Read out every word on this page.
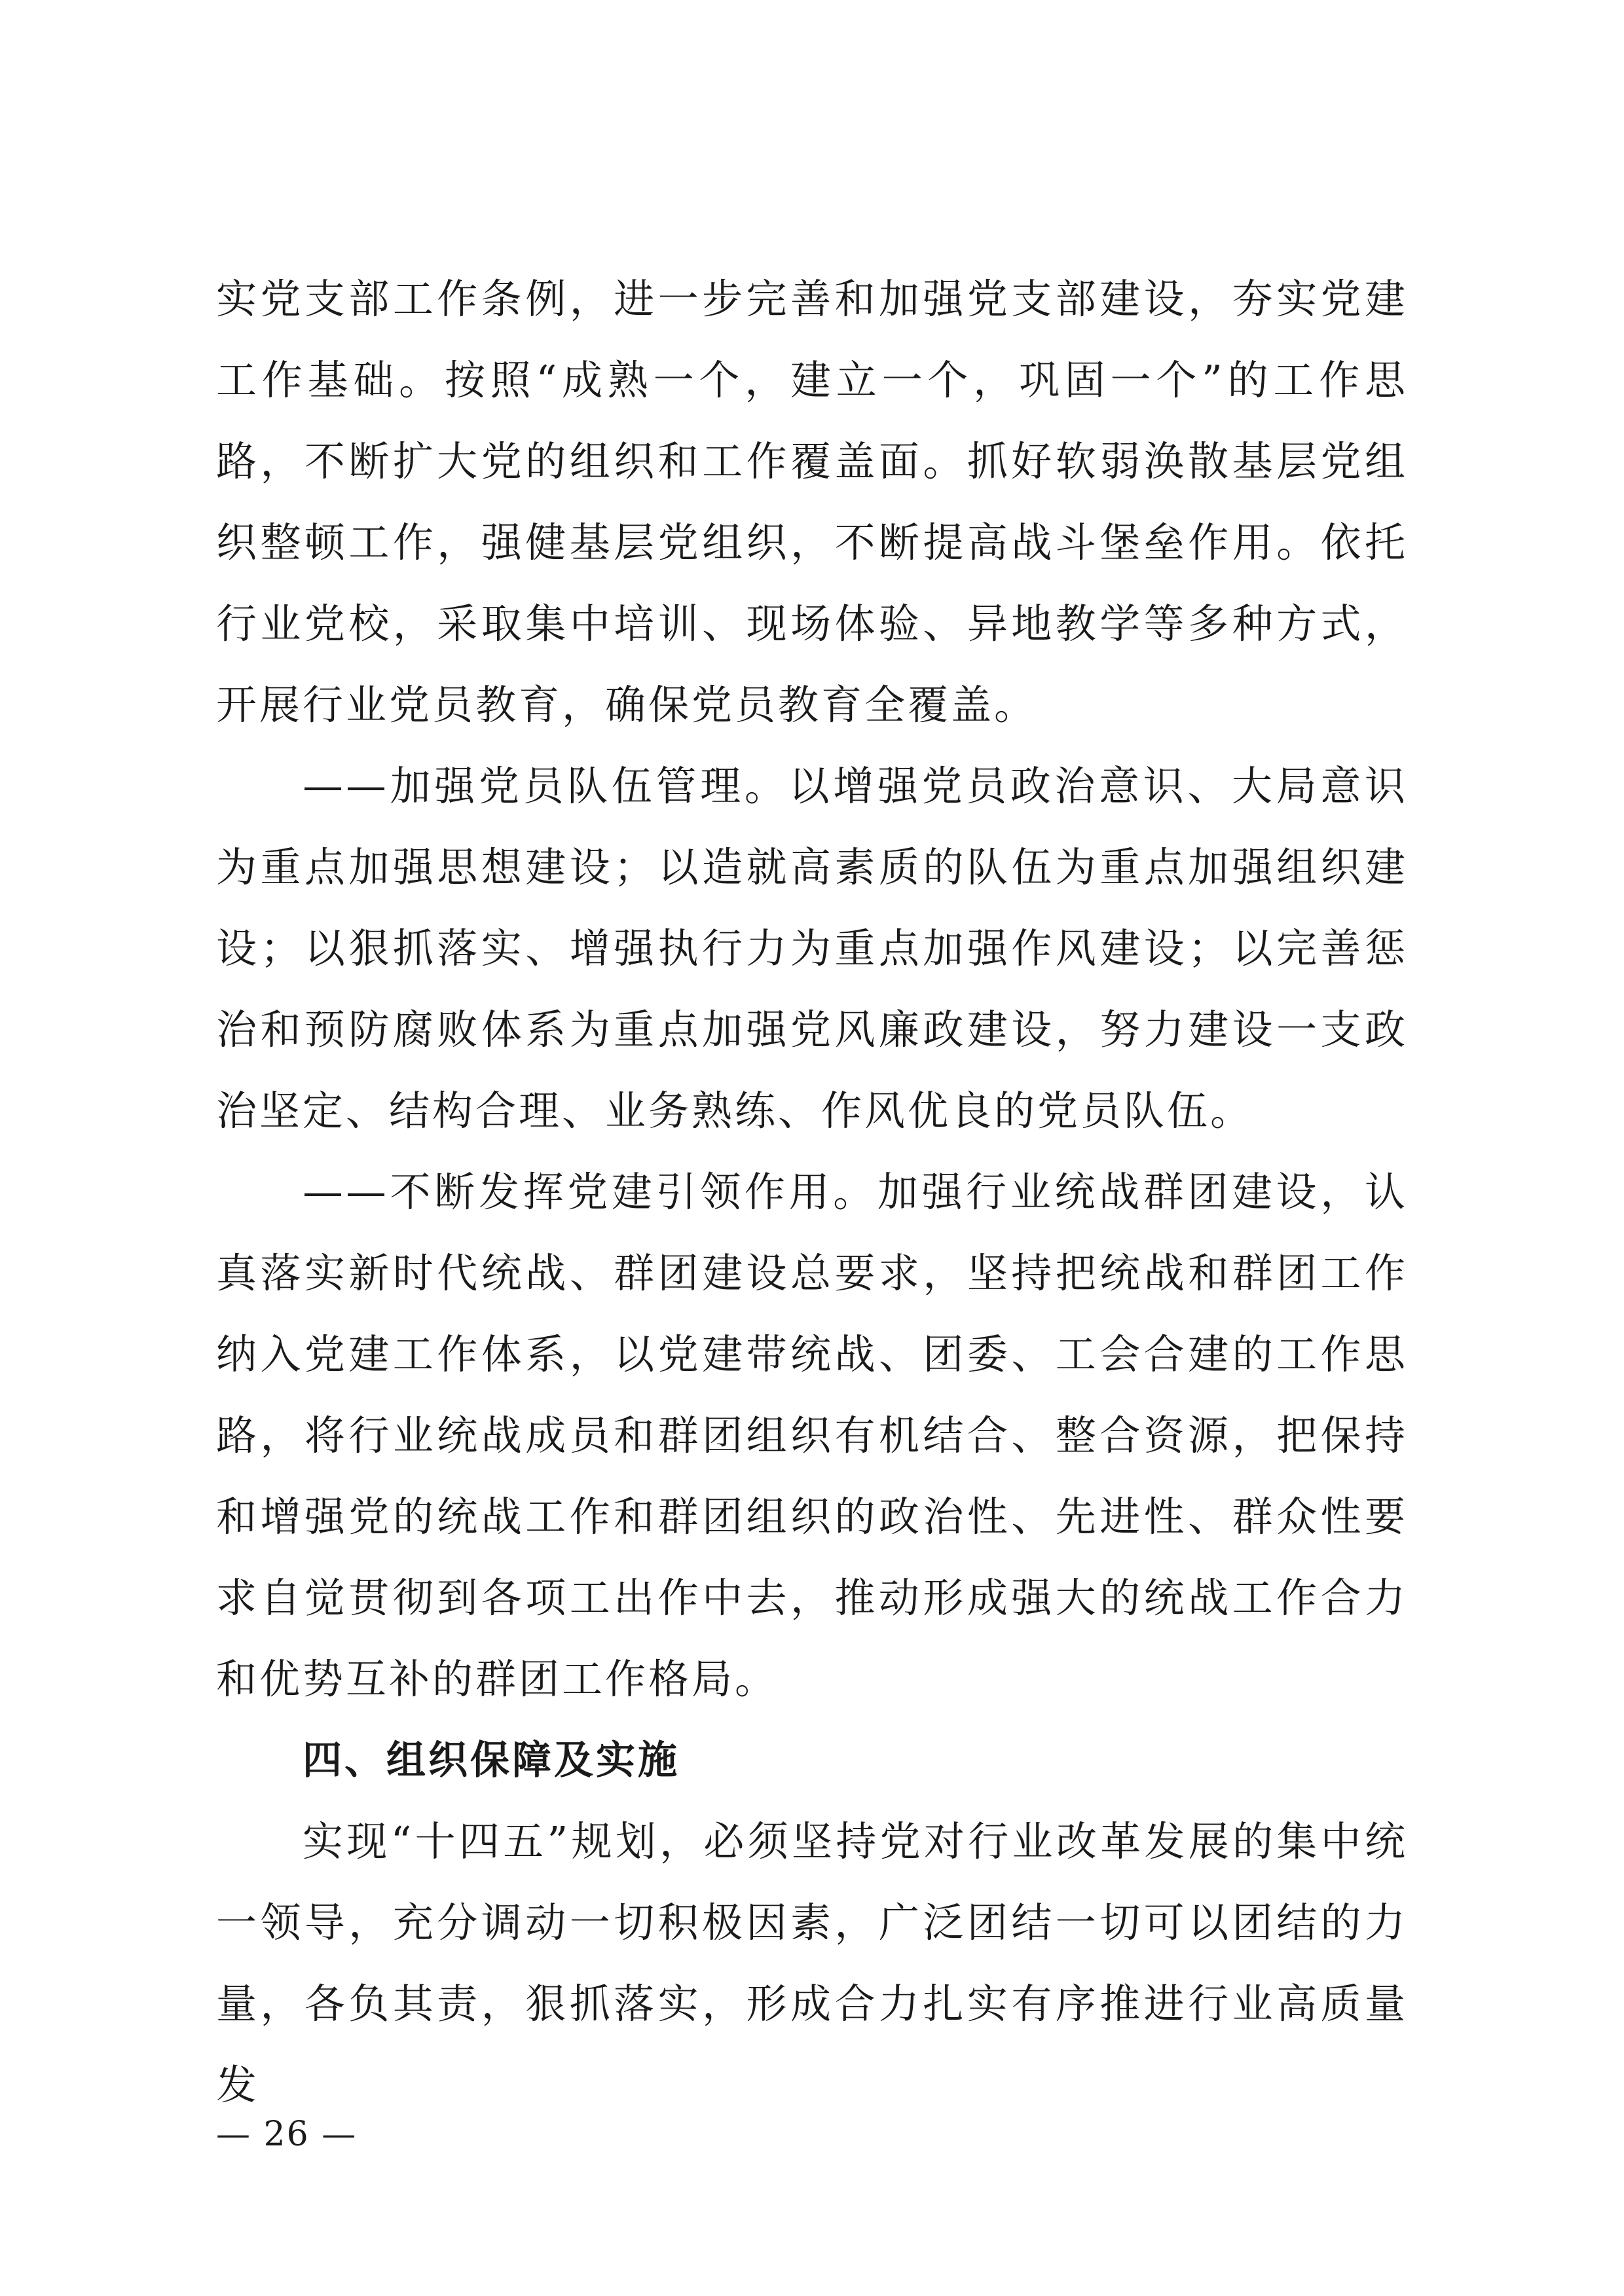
实党支部工作条例，进一步完善和加强党支部建设，夯实党建工作基础。按照“成熟一个，建立一个，巩固一个”的工作思路，不断扩大党的组织和工作覆盖面。抓好软弱涣散基层党组织整顿工作，强健基层党组织，不断提高战斗堡垒作用。依托行业党校，采取集中培训、现场体验、异地教学等多种方式，开展行业党员教育，确保党员教育全覆盖。

——加强党员队伍管理。以增强党员政治意识、大局意识为重点加强思想建设；以造就高素质的队伍为重点加强组织建设；以狠抓落实、增强执行力为重点加强作风建设；以完善惩治和预防腐败体系为重点加强党风廉政建设，努力建设一支政治坚定、结构合理、业务熟练、作风优良的党员队伍。

——不断发挥党建引领作用。加强行业统战群团建设，认真落实新时代统战、群团建设总要求，坚持把统战和群团工作纳入党建工作体系，以党建带统战、团委、工会合建的工作思路，将行业统战成员和群团组织有机结合、整合资源，把保持和增强党的统战工作和群团组织的政治性、先进性、群众性要求自觉贯彻到各项工出作中去，推动形成强大的统战工作合力和优势互补的群团工作格局。

四、组织保障及实施

实现“十四五”规划，必须坚持党对行业改革发展的集中统一领导，充分调动一切积极因素，广泛团结一切可以团结的力量，各负其责，狠抓落实，形成合力扎实有序推进行业高质量发

— 26 —
